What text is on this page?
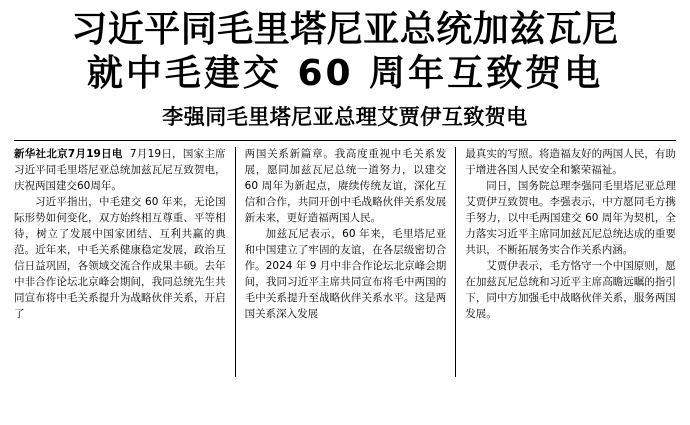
习近平同毛里塔尼亚总统加兹瓦尼
就中毛建交 60 周年互致贺电
李强同毛里塔尼亚总理艾贾伊互致贺电

新华社北京7月19日电 7月19日，国家主席习近平同毛里塔尼亚总统加兹瓦尼互致贺电，庆祝两国建交60周年。

习近平指出，中毛建交 60 年来，无论国际形势如何变化，双方始终相互尊重、平等相待，树立了发展中国家团结、互利共赢的典范。近年来，中毛关系健康稳定发展，政治互信日益巩固，各领域交流合作成果丰硕。去年中非合作论坛北京峰会期间，我同总统先生共同宣布将中毛关系提升为战略伙伴关系，开启了

两国关系新篇章。我高度重视中毛关系发展，愿同加兹瓦尼总统一道努力，以建交 60 周年为新起点，赓续传统友谊，深化互信和合作，共同开创中毛战略伙伴关系发展新未来，更好造福两国人民。

加兹瓦尼表示，60 年来，毛里塔尼亚和中国建立了牢固的友谊，在各层级密切合作。2024 年 9 月中非合作论坛北京峰会期间，我同习近平主席共同宣布将毛中两国的毛中关系提升至战略伙伴关系水平。这是两国关系深入发展

最真实的写照。将造福友好的两国人民，有助于增进各国人民安全和繁荣福祉。

同日，国务院总理李强同毛里塔尼亚总理艾贾伊互致贺电。李强表示，中方愿同毛方携手努力，以中毛两国建交 60 周年为契机，全力落实习近平主席同加兹瓦尼总统达成的重要共识，不断拓展务实合作关系内涵。

艾贾伊表示，毛方恪守一个中国原则，愿在加兹瓦尼总统和习近平主席高瞻远瞩的指引下，同中方加强毛中战略伙伴关系，服务两国发展。
